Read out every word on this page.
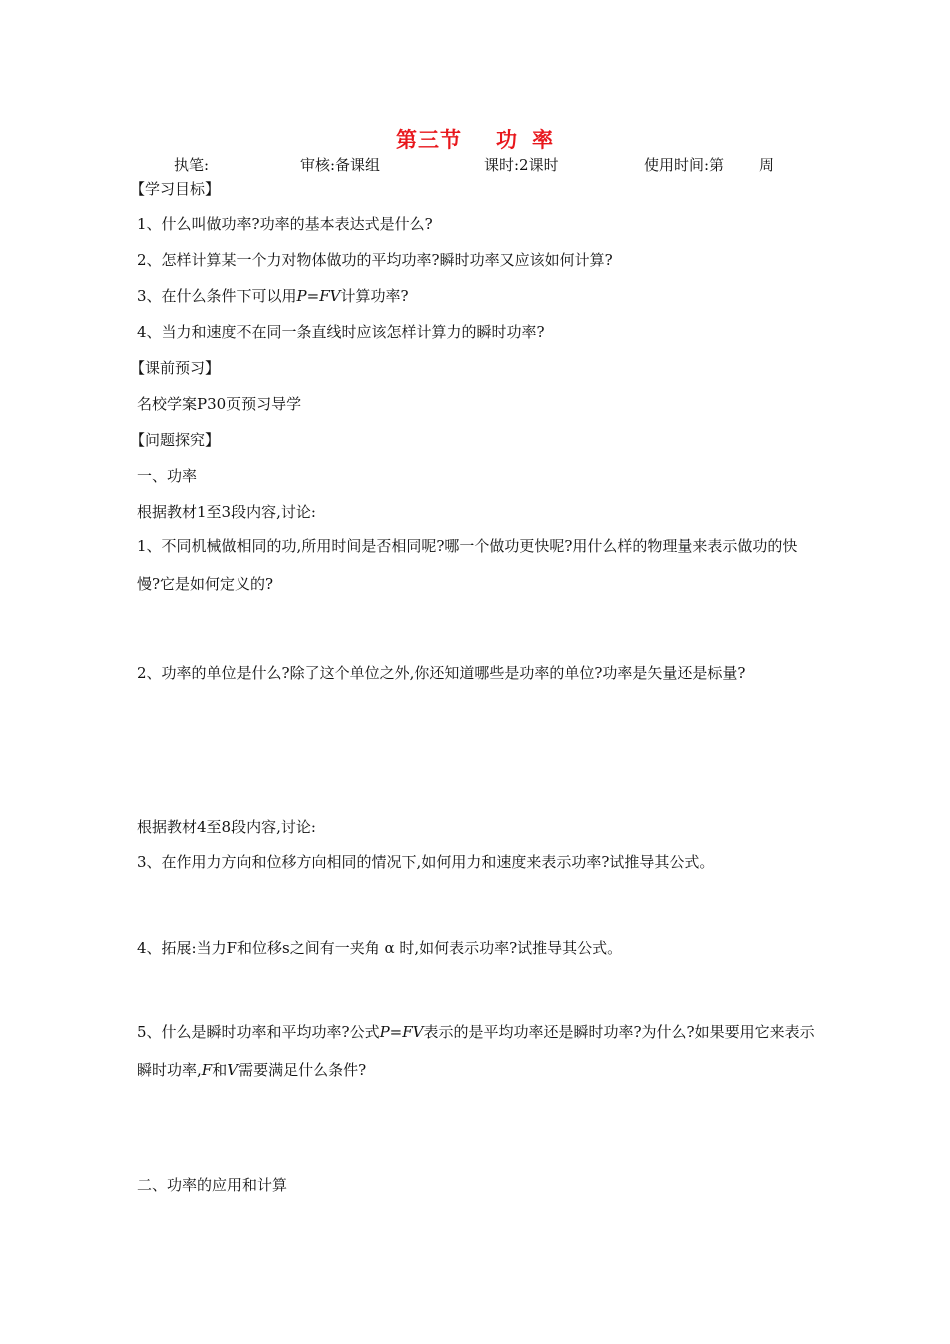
第三节 功 率
执笔:	审核:备课组	课时:2课时	使用时间:第 周
【学习目标】
1、什么叫做功率?功率的基本表达式是什么?
2、怎样计算某一个力对物体做功的平均功率?瞬时功率又应该如何计算?
3、在什么条件下可以用P=FV计算功率?
4、当力和速度不在同一条直线时应该怎样计算力的瞬时功率?
【课前预习】
名校学案P30页预习导学
【问题探究】
一、功率
根据教材1至3段内容,讨论:
1、不同机械做相同的功,所用时间是否相同呢?哪一个做功更快呢?用什么样的物理量来表示做功的快慢?它是如何定义的?
2、功率的单位是什么?除了这个单位之外,你还知道哪些是功率的单位?功率是矢量还是标量?
根据教材4至8段内容,讨论:
3、在作用力方向和位移方向相同的情况下,如何用力和速度来表示功率?试推导其公式。
4、拓展:当力F和位移s之间有一夹角 α 时,如何表示功率?试推导其公式。
5、什么是瞬时功率和平均功率?公式P=FV表示的是平均功率还是瞬时功率?为什么?如果要用它来表示瞬时功率,F和V需要满足什么条件?
二、功率的应用和计算
